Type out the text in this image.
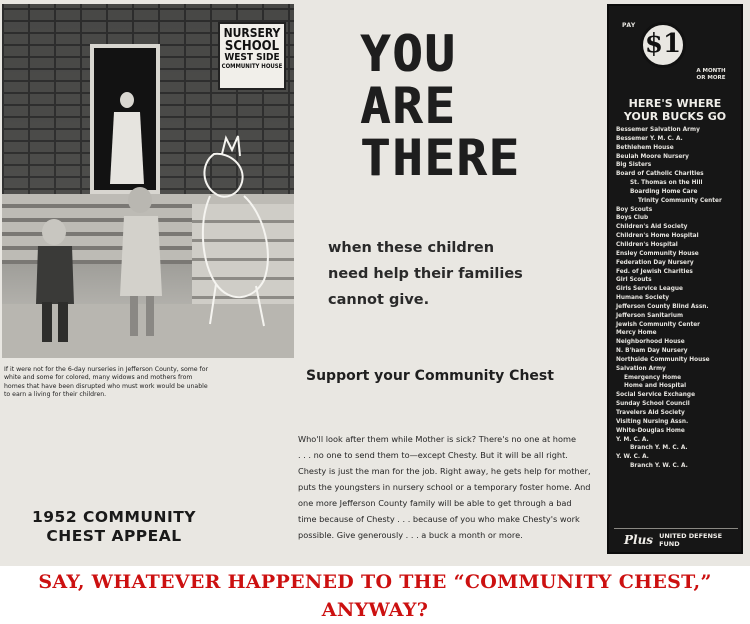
NURSERY
SCHOOL
WEST SIDE
COMMUNITY HOUSE

If it were not for the 6-day nurseries in Jefferson County, some for white and some for colored, many widows and mothers from homes that have been disrupted who must work would be unable to earn a living for their children.

1952 COMMUNITY
CHEST APPEAL
YOU
ARE
THERE
when these children
need help their families
cannot give.
Support your Community Chest
Who'll look after them while Mother is sick? There's no one at home
. . . no one to send them to—except Chesty. But it will be all right.
Chesty is just the man for the job. Right away, he gets help for mother,
puts the youngsters in nursery school or a temporary foster home. And
one more Jefferson County family will be able to get through a bad
time because of Chesty . . . because of you who make Chesty's work
possible. Give generously . . . a buck a month or more.
PAY
$1
A MONTH
OR MORE
HERE'S WHERE
YOUR BUCKS GO
Bessemer Salvation Army
Bessemer Y. M. C. A.
Bethlehem House
Beulah Moore Nursery
Big Sisters
Board of Catholic Charities
St. Thomas on the Hill
Boarding Home Care
Trinity Community Center
Boy Scouts
Boys Club
Children's Aid Society
Children's Home Hospital
Children's Hospital
Ensley Community House
Federation Day Nursery
Fed. of Jewish Charities
Girl Scouts
Girls Service League
Humane Society
Jefferson County Blind Assn.
Jefferson Sanitarium
Jewish Community Center
Mercy Home
Neighborhood House
N. B'ham Day Nursery
Northside Community House
Salvation Army
Emergency Home
Home and Hospital
Social Service Exchange
Sunday School Council
Travelers Aid Society
Visiting Nursing Assn.
White-Douglas Home
Y. M. C. A.
Branch Y. M. C. A.
Y. W. C. A.
Branch Y. W. C. A.
Plus UNITED DEFENSE FUND
SAY, WHATEVER HAPPENED TO THE “COMMUNITY CHEST,” ANYWAY?
